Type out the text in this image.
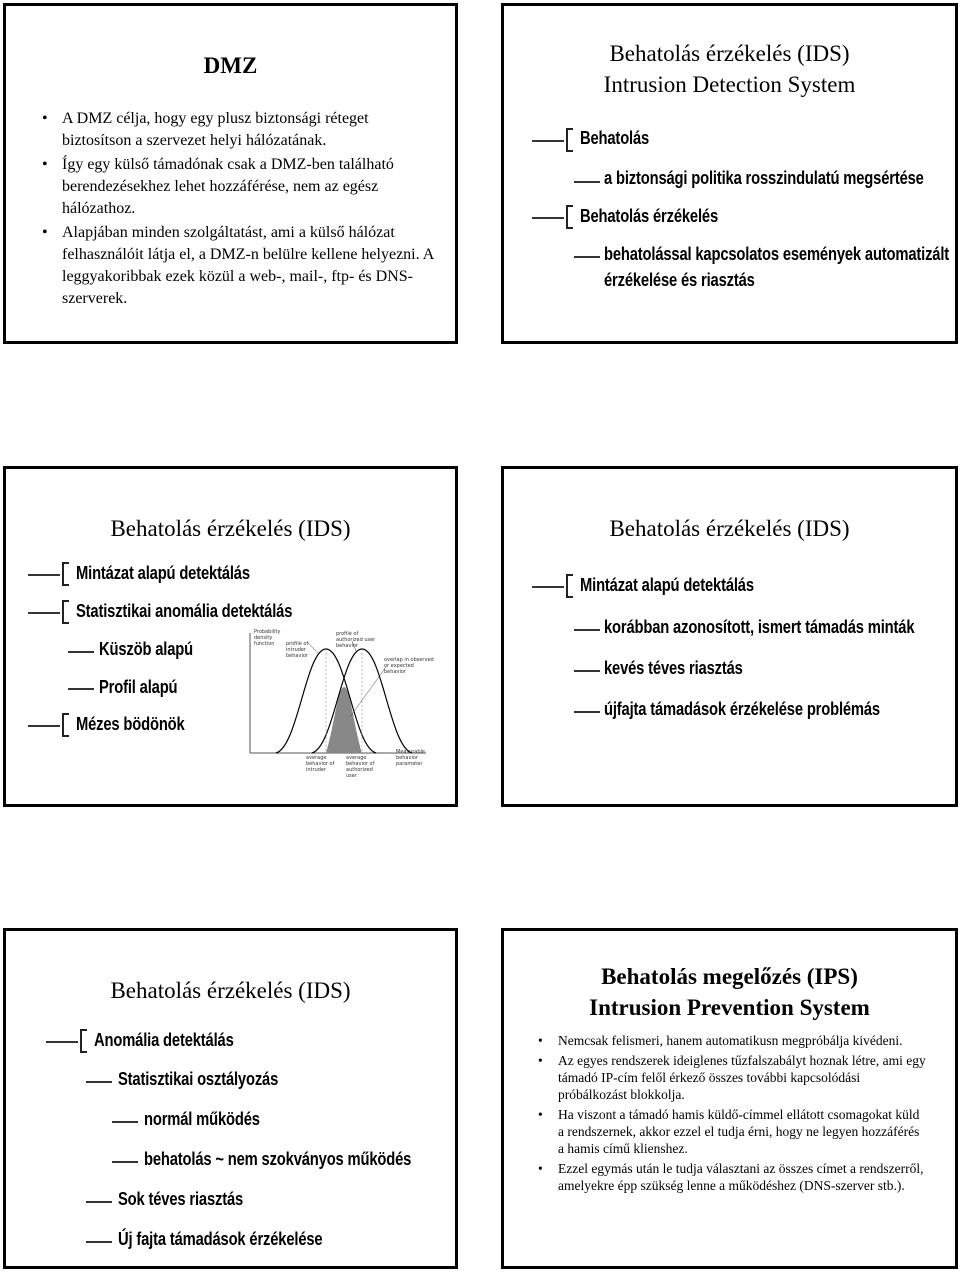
DMZ
• A DMZ célja, hogy egy plusz biztonsági réteget biztosítson a szervezet helyi hálózatának.
• Így egy külső támadónak csak a DMZ-ben található berendezésekhez lehet hozzáférése, nem az egész hálózathoz.
• Alapjában minden szolgáltatást, ami a külső hálózat felhasználóit látja el, a DMZ-n belülre kellene helyezni. A leggyakoribbak ezek közül a web-, mail-, ftp- és DNS-szerverek.
Behatolás érzékelés (IDS)
Intrusion Detection System
Behatolás
a biztonsági politika rosszindulatú megsértése
Behatolás érzékelés
behatolással kapcsolatos események automatizált
érzékelése és riasztás
Behatolás érzékelés (IDS)
Mintázat alapú detektálás
Statisztikai anomália detektálás
Küszöb alapú
Profil alapú
Mézes bödönök
Probability density function	profile of intruder behavior
profile of authorized user behavior
overlap in observed or expected behavior
average behavior of intruder
average behavior of authorized user
Measurable behavior parameter
Behatolás érzékelés (IDS)
Mintázat alapú detektálás
korábban azonosított, ismert támadás minták
kevés téves riasztás
újfajta támadások érzékelése problémás
Behatolás érzékelés (IDS)
Anomália detektálás
Statisztikai osztályozás
normál működés
behatolás ~ nem szokványos működés
Sok téves riasztás
Új fajta támadások érzékelése
Behatolás megelőzés (IPS)
Intrusion Prevention System
• Nemcsak felismeri, hanem automatikusn megpróbálja kivédeni.
• Az egyes rendszerek ideiglenes tűzfalszabályt hoznak létre, ami egy támadó IP-cím felől érkező összes további kapcsolódási próbálkozást blokkolja.
• Ha viszont a támadó hamis küldő-címmel ellátott csomagokat küld a rendszernek, akkor ezzel el tudja érni, hogy ne legyen hozzáférés a hamis című klienshez.
• Ezzel egymás után le tudja választani az összes címet a rendszerről, amelyekre épp szükség lenne a működéshez (DNS-szerver stb.).
